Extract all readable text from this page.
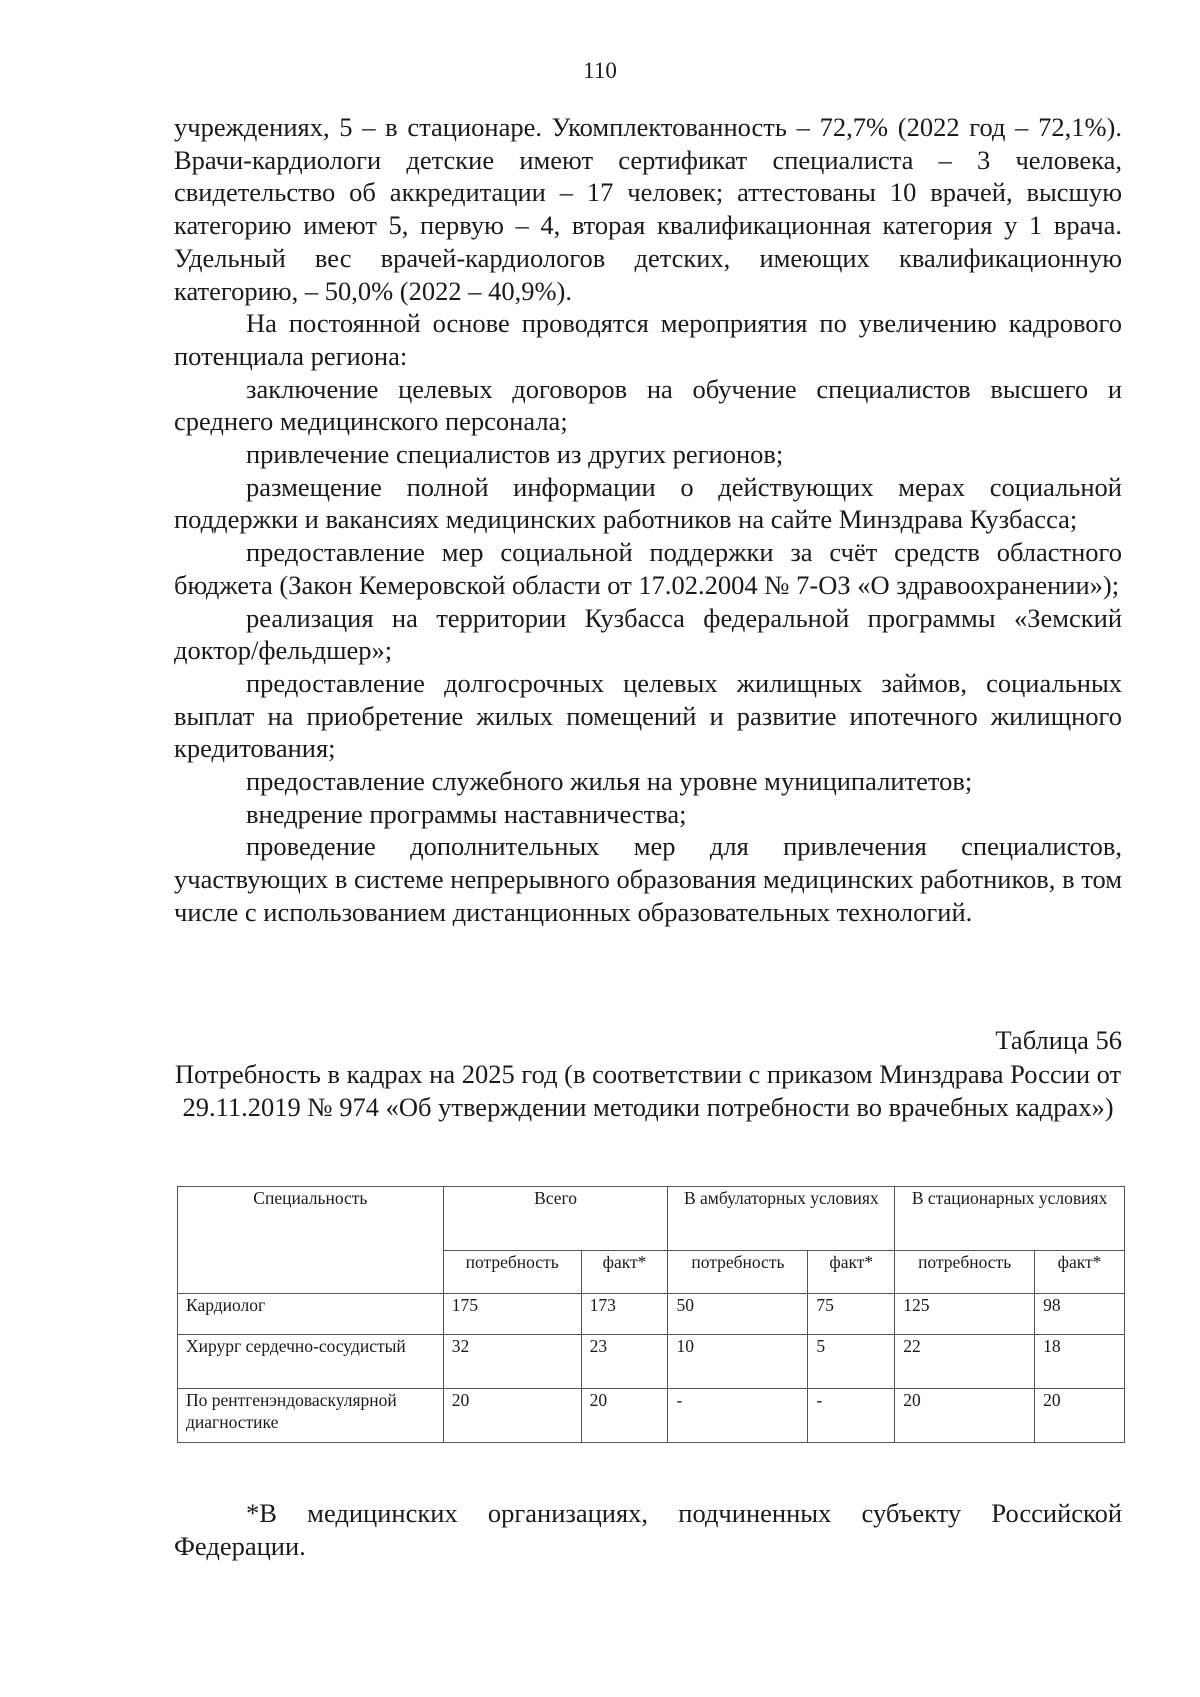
110

учреждениях, 5 – в стационаре. Укомплектованность – 72,7% (2022 год – 72,1%). Врачи-кардиологи детские имеют сертификат специалиста – 3 человека, свидетельство об аккредитации – 17 человек; аттестованы 10 врачей, высшую категорию имеют 5, первую – 4, вторая квалификационная категория у 1 врача. Удельный вес врачей-кардиологов детских, имеющих квалификационную категорию, – 50,0% (2022 – 40,9%).

На постоянной основе проводятся мероприятия по увеличению кадрового потенциала региона:

заключение целевых договоров на обучение специалистов высшего и среднего медицинского персонала;

привлечение специалистов из других регионов;

размещение полной информации о действующих мерах социальной поддержки и вакансиях медицинских работников на сайте Минздрава Кузбасса;

предоставление мер социальной поддержки за счёт средств областного бюджета (Закон Кемеровской области от 17.02.2004 № 7-ОЗ «О здравоохранении»);

реализация на территории Кузбасса федеральной программы «Земский доктор/фельдшер»;

предоставление долгосрочных целевых жилищных займов, социальных выплат на приобретение жилых помещений и развитие ипотечного жилищного кредитования;

предоставление служебного жилья на уровне муниципалитетов;

внедрение программы наставничества;

проведение дополнительных мер для привлечения специалистов, участвующих в системе непрерывного образования медицинских работников, в том числе с использованием дистанционных образовательных технологий.

Таблица 56
Потребность в кадрах на 2025 год (в соответствии с приказом Минздрава России от 29.11.2019 № 974 «Об утверждении методики потребности во врачебных кадрах»)
Специальность	Всего		В амбулаторных условиях		В стационарных условиях	
	потребность	факт*	потребность	факт*	потребность	факт*
Кардиолог	175	173	50	75	125	98
Хирург сердечно-сосудистый	32	23	10	5	22	18
По рентгенэндоваскулярной диагностике	20	20	-	-	20	20

*В медицинских организациях, подчиненных субъекту Российской Федерации.
